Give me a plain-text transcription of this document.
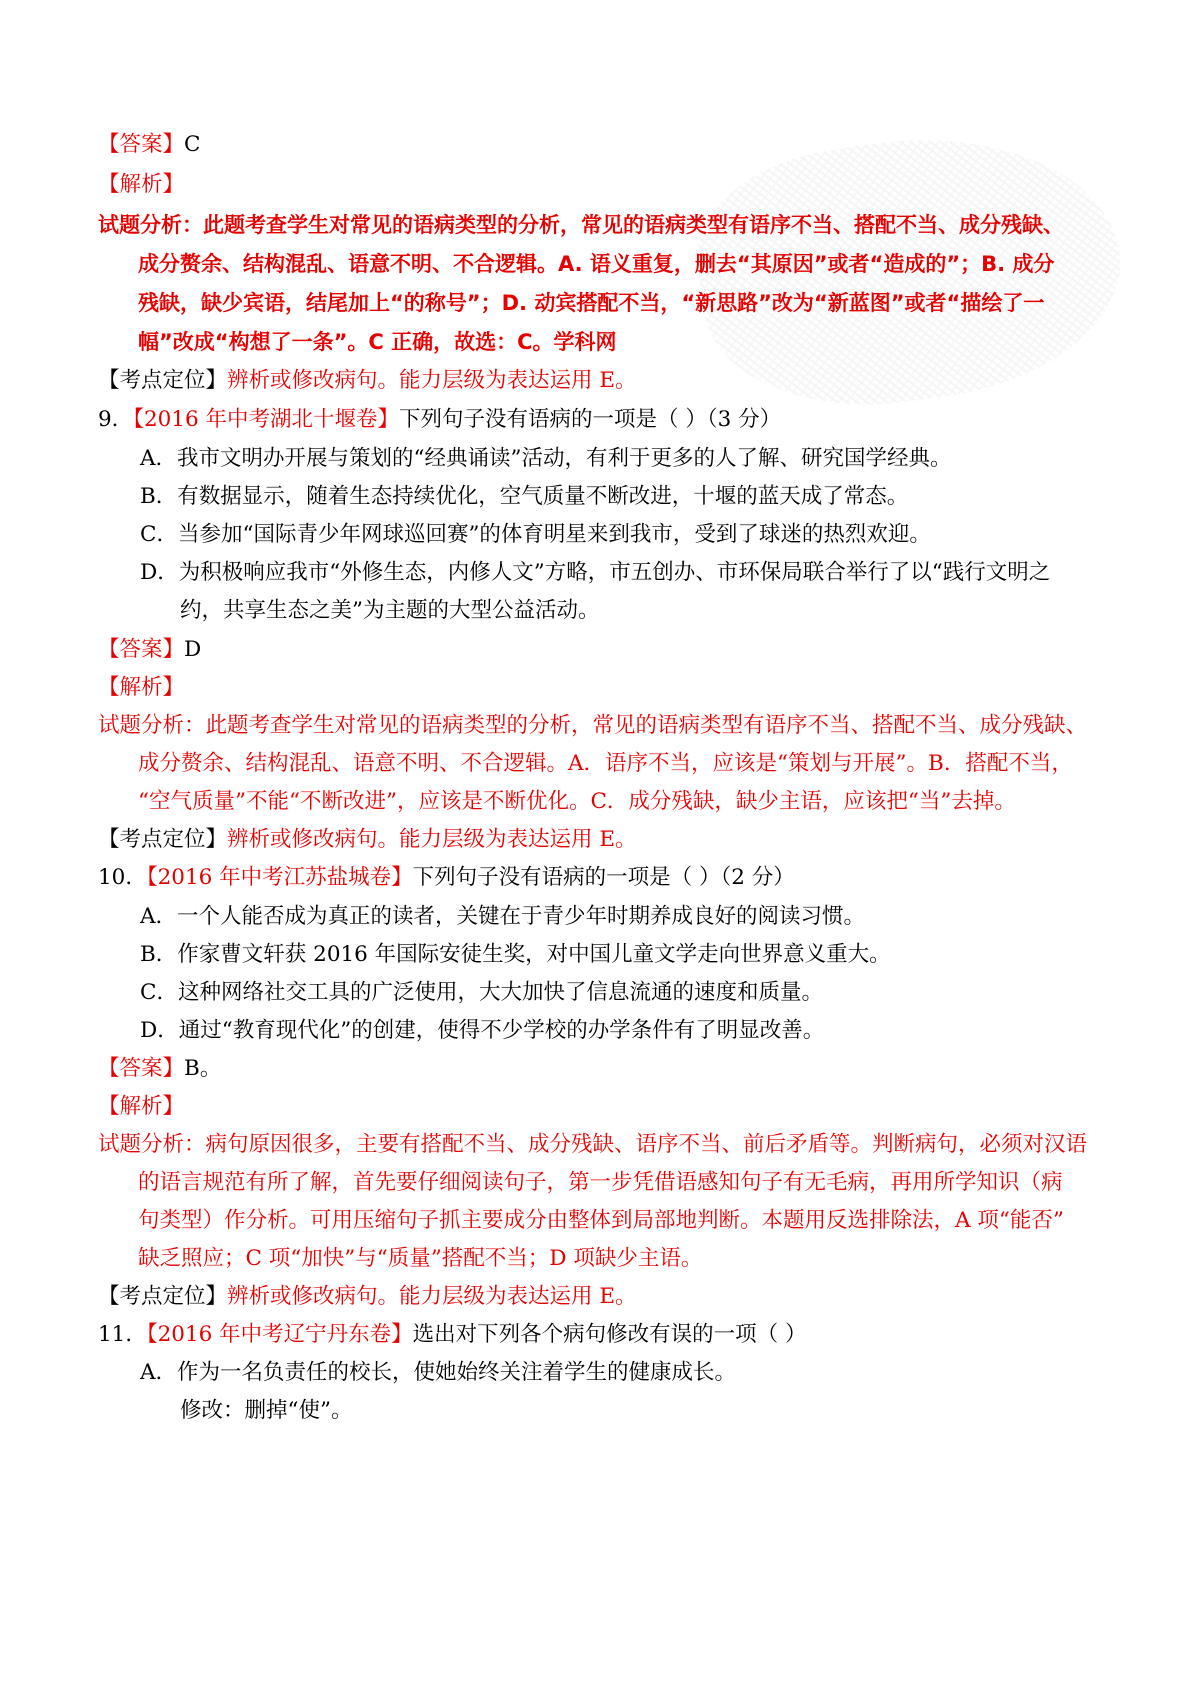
【答案】C
【解析】
试题分析：此题考查学生对常见的语病类型的分析，常见的语病类型有语序不当、搭配不当、成分残缺、
成分赘余、结构混乱、语意不明、不合逻辑。A. 语义重复，删去“其原因”或者“造成的”；B. 成分
残缺，缺少宾语，结尾加上“的称号”；D. 动宾搭配不当，“新思路”改为“新蓝图”或者“描绘了一
幅”改成“构想了一条”。C 正确，故选：C。学科网
【考点定位】辨析或修改病句。能力层级为表达运用 E。
9．【2016 年中考湖北十堰卷】下列句子没有语病的一项是（ ）（3 分）
A．我市文明办开展与策划的“经典诵读”活动，有利于更多的人了解、研究国学经典。
B．有数据显示，随着生态持续优化，空气质量不断改进，十堰的蓝天成了常态。
C．当参加“国际青少年网球巡回赛”的体育明星来到我市，受到了球迷的热烈欢迎。
D．为积极响应我市“外修生态，内修人文”方略，市五创办、市环保局联合举行了以“践行文明之
约，共享生态之美”为主题的大型公益活动。
【答案】D
【解析】
试题分析：此题考查学生对常见的语病类型的分析，常见的语病类型有语序不当、搭配不当、成分残缺、
成分赘余、结构混乱、语意不明、不合逻辑。A．语序不当，应该是“策划与开展”。B．搭配不当，
“空气质量”不能“不断改进”，应该是不断优化。C．成分残缺，缺少主语，应该把“当”去掉。
【考点定位】辨析或修改病句。能力层级为表达运用 E。
10．【2016 年中考江苏盐城卷】下列句子没有语病的一项是（ ）（2 分）
A．一个人能否成为真正的读者，关键在于青少年时期养成良好的阅读习惯。
B．作家曹文轩获 2016 年国际安徒生奖，对中国儿童文学走向世界意义重大。
C．这种网络社交工具的广泛使用，大大加快了信息流通的速度和质量。
D．通过“教育现代化”的创建，使得不少学校的办学条件有了明显改善。
【答案】B。
【解析】
试题分析：病句原因很多，主要有搭配不当、成分残缺、语序不当、前后矛盾等。判断病句，必须对汉语
的语言规范有所了解，首先要仔细阅读句子，第一步凭借语感知句子有无毛病，再用所学知识（病
句类型）作分析。可用压缩句子抓主要成分由整体到局部地判断。本题用反选排除法，A 项“能否”
缺乏照应；C 项“加快”与“质量”搭配不当；D 项缺少主语。
【考点定位】辨析或修改病句。能力层级为表达运用 E。
11．【2016 年中考辽宁丹东卷】选出对下列各个病句修改有误的一项（ ）
A．作为一名负责任的校长，使她始终关注着学生的健康成长。
修改：删掉“使”。
